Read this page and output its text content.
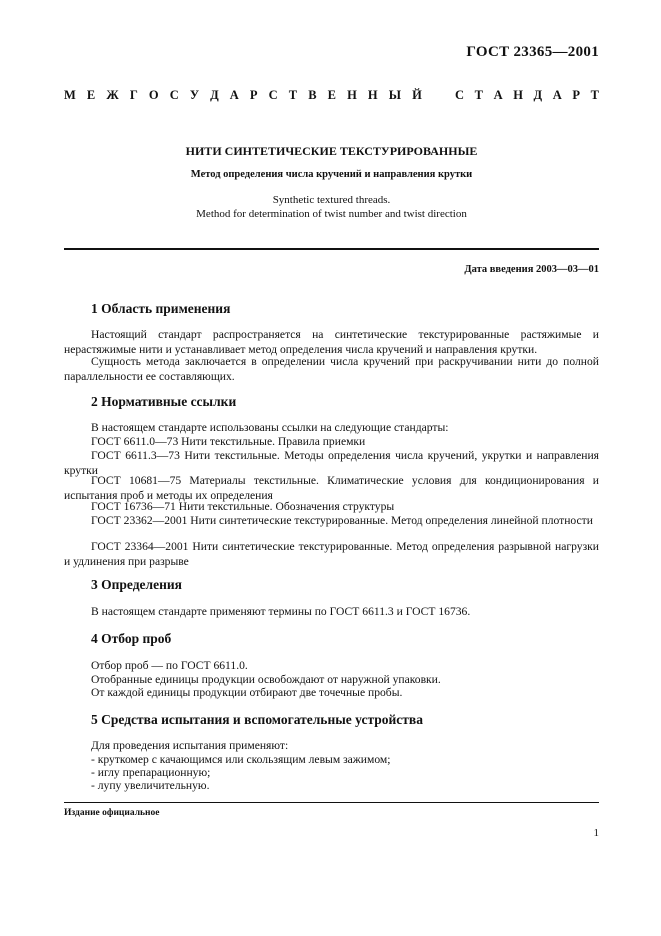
ГОСТ 23365—2001
М Е Ж Г О С У Д А Р С Т В Е Н Н Ы Й	С Т А Н Д А Р Т
НИТИ СИНТЕТИЧЕСКИЕ ТЕКСТУРИРОВАННЫЕ
Метод определения числа кручений и направления крутки
Synthetic textured threads.
Method for determination of twist number and twist direction
Дата введения 2003—03—01
1 Область применения
Настоящий стандарт распространяется на синтетические текстурированные растяжимые и нерастяжимые нити и устанавливает метод определения числа кручений и направления крутки.
Сущность метода заключается в определении числа кручений при раскручивании нити до полной параллельности ее составляющих.
2 Нормативные ссылки
В настоящем стандарте использованы ссылки на следующие стандарты:
ГОСТ 6611.0—73 Нити текстильные. Правила приемки
ГОСТ 6611.3—73 Нити текстильные. Методы определения числа кручений, укрутки и направления крутки
ГОСТ 10681—75 Материалы текстильные. Климатические условия для кондиционирования и испытания проб и методы их определения
ГОСТ 16736—71 Нити текстильные. Обозначения структуры
ГОСТ 23362—2001 Нити синтетические текстурированные. Метод определения линейной плотности
ГОСТ 23364—2001 Нити синтетические текстурированные. Метод определения разрывной нагрузки и удлинения при разрыве
3 Определения
В настоящем стандарте применяют термины по ГОСТ 6611.3 и ГОСТ 16736.
4 Отбор проб
Отбор проб — по ГОСТ 6611.0.
Отобранные единицы продукции освобождают от наружной упаковки.
От каждой единицы продукции отбирают две точечные пробы.
5 Средства испытания и вспомогательные устройства
Для проведения испытания применяют:
- круткомер с качающимся или скользящим левым зажимом;
- иглу препарационную;
- лупу увеличительную.
Издание официальное
1
